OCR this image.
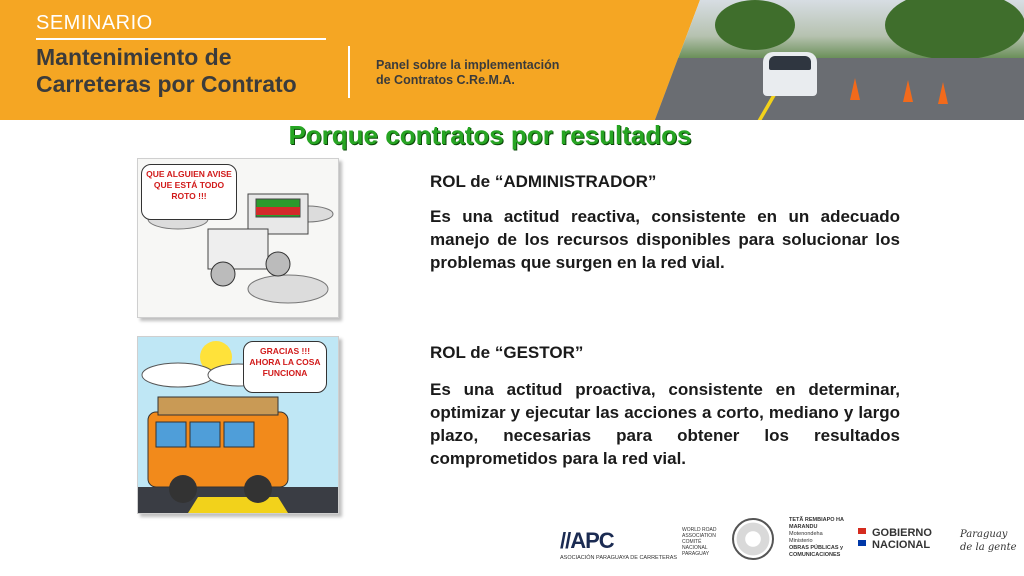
SEMINARIO
Mantenimiento de
Carreteras por Contrato
Panel sobre la implementación
de Contratos C.Re.M.A.
Porque contratos por resultados
QUE ALGUIEN AVISE QUE ESTÁ TODO ROTO !!!
GRACIAS !!! AHORA LA COSA FUNCIONA
ROL de “ADMINISTRADOR”
Es una actitud reactiva, consistente en un adecuado manejo de los recursos disponibles para solucionar los problemas que surgen en la red vial.
ROL de “GESTOR”
Es una actitud proactiva, consistente en determinar, optimizar y ejecutar las acciones a corto, mediano y largo plazo, necesarias para obtener los resultados comprometidos para la red vial.
//APC
ASOCIACIÓN PARAGUAYA DE CARRETERAS
WORLD ROAD ASSOCIATION COMITÉ NACIONAL PARAGUAY
TETÃ REMBIAPO HA MARANDU
Motenondeha
Ministerio
OBRAS PÚBLICAS y COMUNICACIONES
GOBIERNO
NACIONAL
Paraguay
de la gente
